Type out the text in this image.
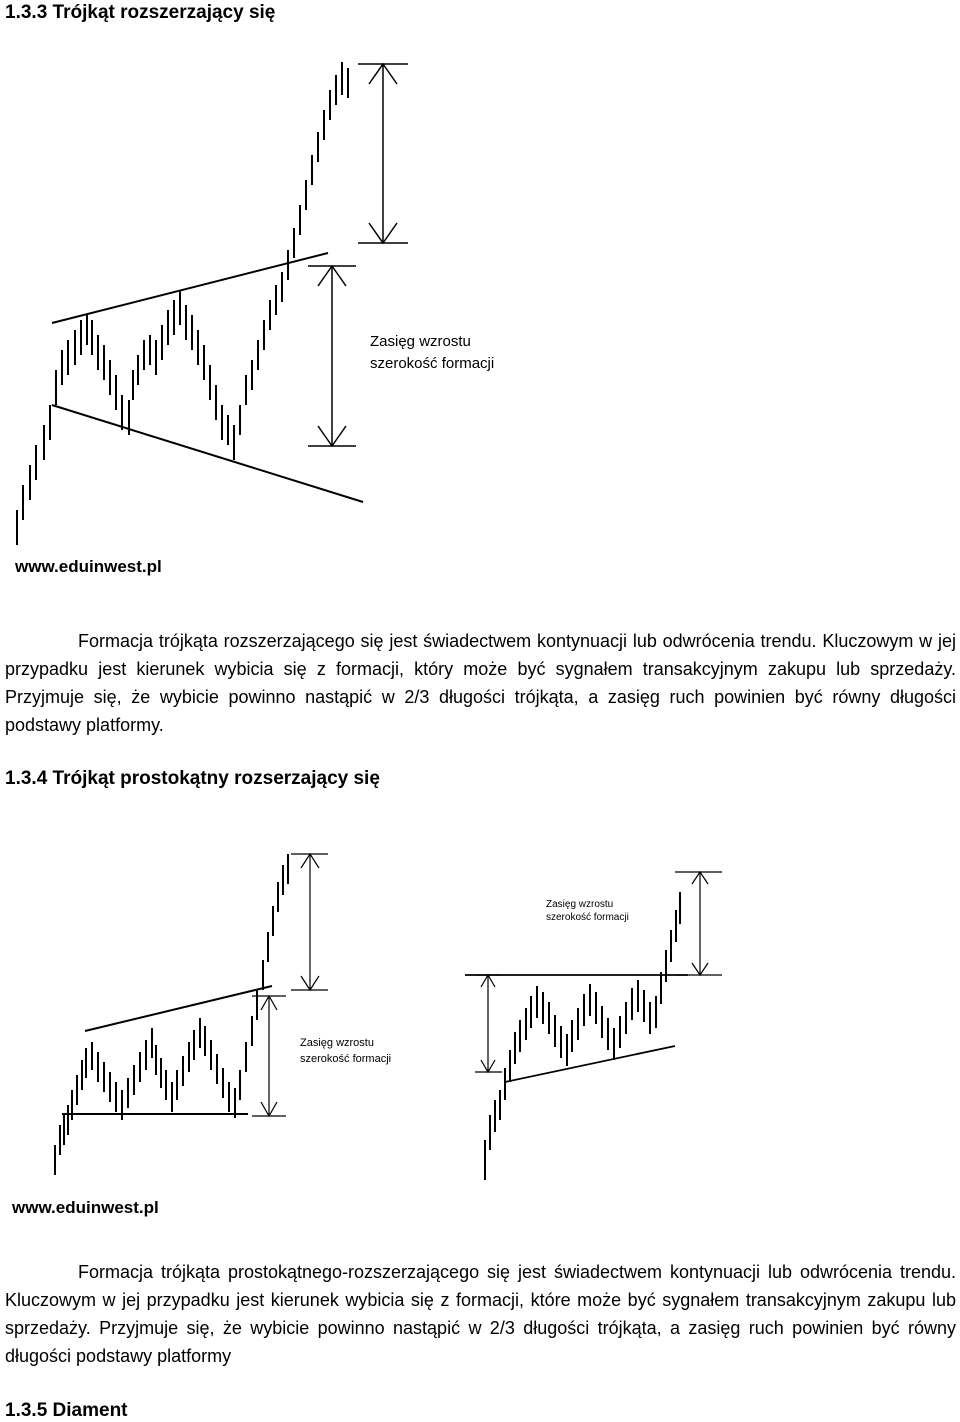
1.3.3 Trójkąt rozszerzający się
Zasięg wzrostu
szerokość formacji
www.eduinwest.pl

Formacja trójkąta rozszerzającego się jest świadectwem kontynuacji lub odwrócenia trendu. Kluczowym w jej przypadku jest kierunek wybicia się z formacji, który może być sygnałem transakcyjnym zakupu lub sprzedaży. Przyjmuje się, że wybicie powinno nastąpić w 2/3 długości trójkąta, a zasięg ruch powinien być równy długości podstawy platformy.

1.3.4 Trójkąt prostokątny rozserzający się
Zasięg wzrostu
szerokość formacji
Zasięg wzrostu
szerokość formacji
www.eduinwest.pl

Formacja trójkąta prostokątnego-rozszerzającego się jest świadectwem kontynuacji lub odwrócenia trendu. Kluczowym w jej przypadku jest kierunek wybicia się z formacji, które może być sygnałem transakcyjnym zakupu lub sprzedaży. Przyjmuje się, że wybicie powinno nastąpić w 2/3 długości trójkąta, a zasięg ruch powinien być równy długości podstawy platformy

1.3.5 Diament
